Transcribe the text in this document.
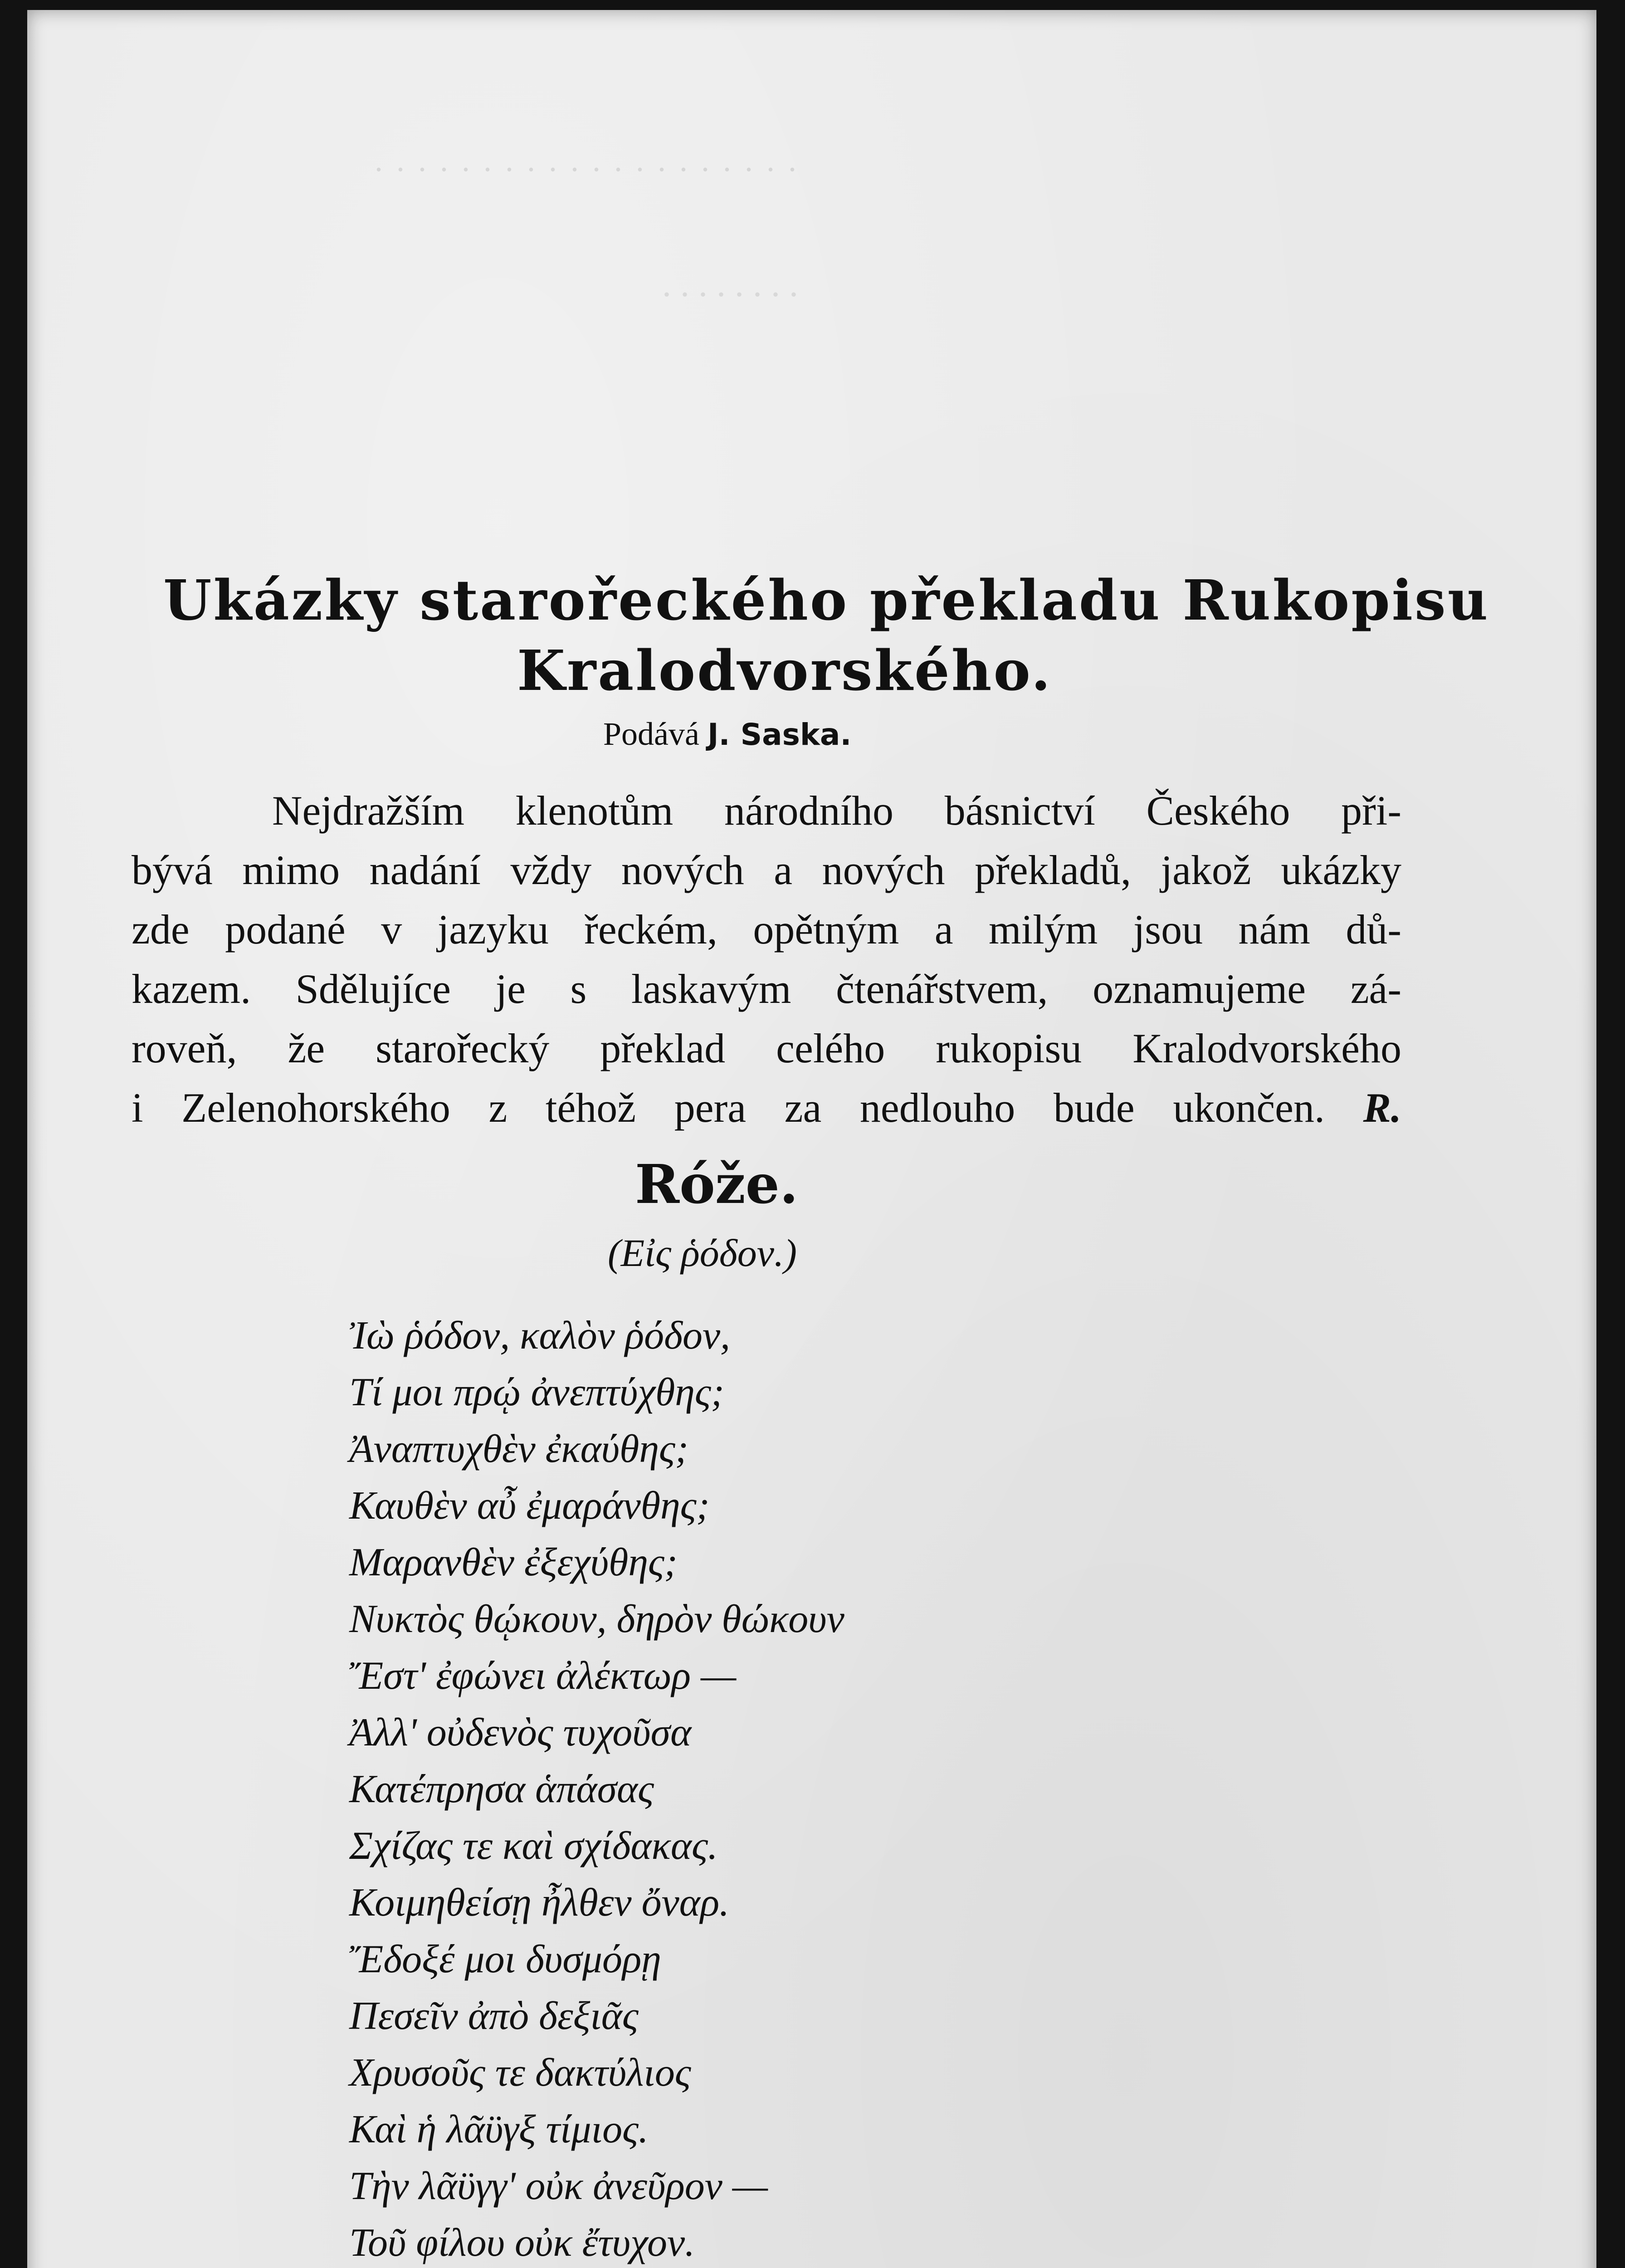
. . . . . . . . . . . . . . . . . . . .
. . . . . . . .
Ukázky starořeckého překladu Rukopisu
Kralodvorského.
Podává J. Saska.

Nejdražším klenotům národního básnictví Českého při-
bývá mimo nadání vždy nových a nových překladů, jakož ukázky
zde podané v jazyku řeckém, opětným a milým jsou nám dů-
kazem. Sdělujíce je s laskavým čtenářstvem, oznamujeme zá-
roveň, že starořecký překlad celého rukopisu Kralodvorského
i Zelenohorského z téhož pera za nedlouho bude ukončen. R.

Róže.
(Εἰς ῥόδον.)
Ἰὼ ῥόδον, καλὸν ῥόδον,
Τί μοι πρῴ ἀνεπτύχθης;
Ἀναπτυχθὲν ἐκαύθης;
Καυθὲν αὖ ἐμαράνθης;
Μαρανθὲν ἐξεχύθης;
Νυκτὸς θῴκουν, δηρὸν θώκουν
Ἔστ' ἐφώνει ἀλέκτωρ —
Ἀλλ' οὐδενὸς τυχοῦσα
Κατέπρησα ἁπάσας
Σχίζας τε καὶ σχίδακας.
Κοιμηθείσῃ ἦλθεν ὄναρ.
Ἔδοξέ μοι δυσμόρῃ
Πεσεῖν ἀπὸ δεξιᾶς
Χρυσοῦς τε δακτύλιος
Καὶ ἡ λᾶϋγξ τίμιος.
Τὴν λᾶϋγγ' οὐκ ἀνεῦρον —
Τοῦ φίλου οὐκ ἔτυχον.
